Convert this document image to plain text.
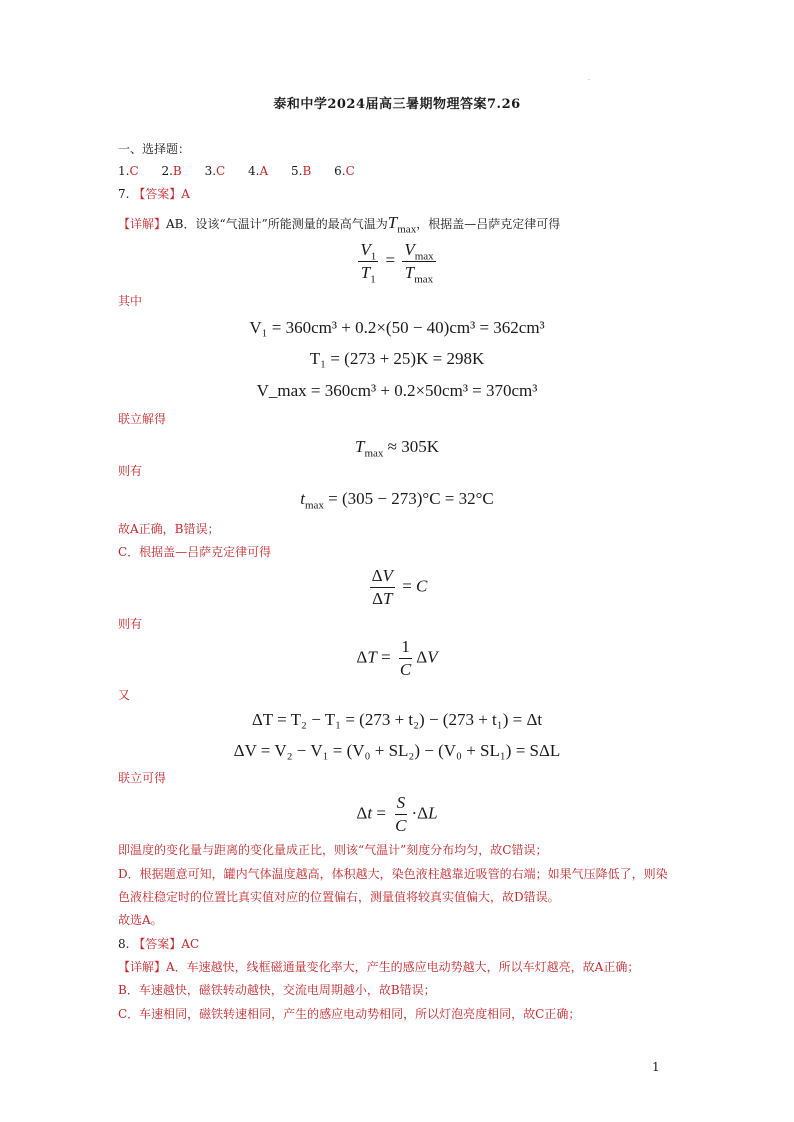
.
泰和中学2024届高三暑期物理答案7.26
一、选择题：
1.C 2.B 3.C 4.A 5.B 6.C
7. 【答案】A
【详解】AB．设该“气温计”所能测量的最高气温为$T_{max}$，根据盖—吕萨克定律可得
$\frac{V_1}{T_1} = \frac{V_{max}}{T_{max}}$
其中
V₁ = 360cm³ + 0.2×(50 − 40)cm³ = 362cm³
T₁ = (273 + 25)K = 298K
V_max = 360cm³ + 0.2×50cm³ = 370cm³
联立解得
$T_{max} \approx 305K$
则有
$t_{max} = (305 - 273)^\circ C = 32^\circ C$
故A正确，B错误；
C．根据盖—吕萨克定律可得
$\frac{\Delta V}{\Delta T} = C$
则有
$\Delta T = \frac{1}{C}$ ΔV
又
ΔT = T₂ − T₁ = (273 + t₂) − (273 + t₁) = Δt
ΔV = V₂ − V₁ = (V₀ + SL₂) − (V₀ + SL₁) = SΔL
联立可得
$\Delta t = \frac{S}{C} \cdot\Delta L$
即温度的变化量与距离的变化量成正比，则该“气温计”刻度分布均匀，故C错误；
D．根据题意可知，罐内气体温度越高，体积越大，染色液柱越靠近吸管的右端；如果气压降低了，则染
色液柱稳定时的位置比真实值对应的位置偏右，测量值将较真实值偏大，故D错误。
故选A。
8. 【答案】AC
【详解】A．车速越快，线框磁通量变化率大，产生的感应电动势越大，所以车灯越亮，故A正确；
B．车速越快，磁铁转动越快，交流电周期越小，故B错误；
C．车速相同，磁铁转速相同，产生的感应电动势相同，所以灯泡亮度相同，故C正确；
1
